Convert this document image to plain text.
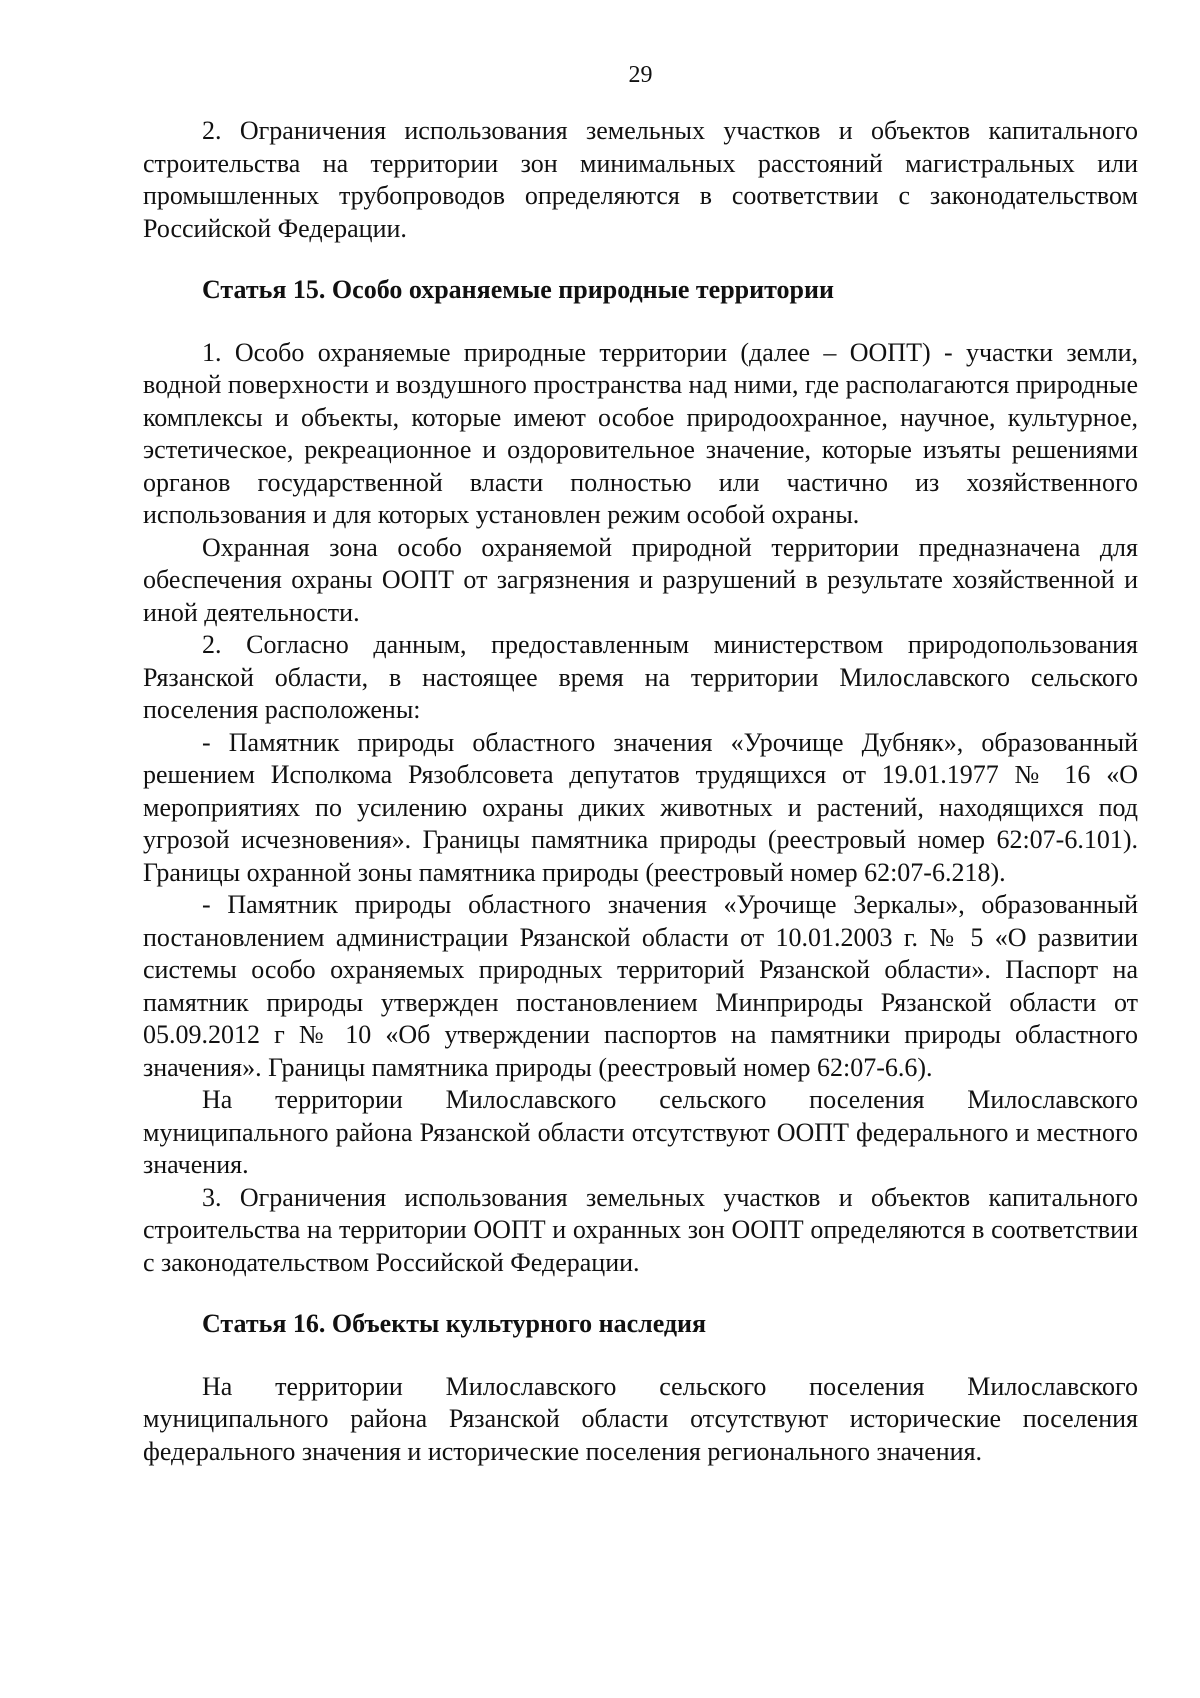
29

2. Ограничения использования земельных участков и объектов капитального строительства на территории зон минимальных расстояний магистральных или промышленных трубопроводов определяются в соответствии с законодательством Российской Федерации.

Статья 15. Особо охраняемые природные территории

1. Особо охраняемые природные территории (далее – ООПТ) - участки земли, водной поверхности и воздушного пространства над ними, где располагаются природные комплексы и объекты, которые имеют особое природоохранное, научное, культурное, эстетическое, рекреационное и оздоровительное значение, которые изъяты решениями органов государственной власти полностью или частично из хозяйственного использования и для которых установлен режим особой охраны.

Охранная зона особо охраняемой природной территории предназначена для обеспечения охраны ООПТ от загрязнения и разрушений в результате хозяйственной и иной деятельности.

2. Согласно данным, предоставленным министерством природопользования Рязанской области, в настоящее время на территории Милославского сельского поселения расположены:

- Памятник природы областного значения «Урочище Дубняк», образованный решением Исполкома Рязоблсовета депутатов трудящихся от 19.01.1977 № 16 «О мероприятиях по усилению охраны диких животных и растений, находящихся под угрозой исчезновения». Границы памятника природы (реестровый номер 62:07-6.101). Границы охранной зоны памятника природы (реестровый номер 62:07-6.218).

- Памятник природы областного значения «Урочище Зеркалы», образованный постановлением администрации Рязанской области от 10.01.2003 г. № 5 «О развитии системы особо охраняемых природных территорий Рязанской области». Паспорт на памятник природы утвержден постановлением Минприроды Рязанской области от 05.09.2012 г № 10 «Об утверждении паспортов на памятники природы областного значения». Границы памятника природы (реестровый номер 62:07-6.6).

На территории Милославского сельского поселения Милославского муниципального района Рязанской области отсутствуют ООПТ федерального и местного значения.

3. Ограничения использования земельных участков и объектов капитального строительства на территории ООПТ и охранных зон ООПТ определяются в соответствии с законодательством Российской Федерации.

Статья 16. Объекты культурного наследия

На территории Милославского сельского поселения Милославского муниципального района Рязанской области отсутствуют исторические поселения федерального значения и исторические поселения регионального значения.
